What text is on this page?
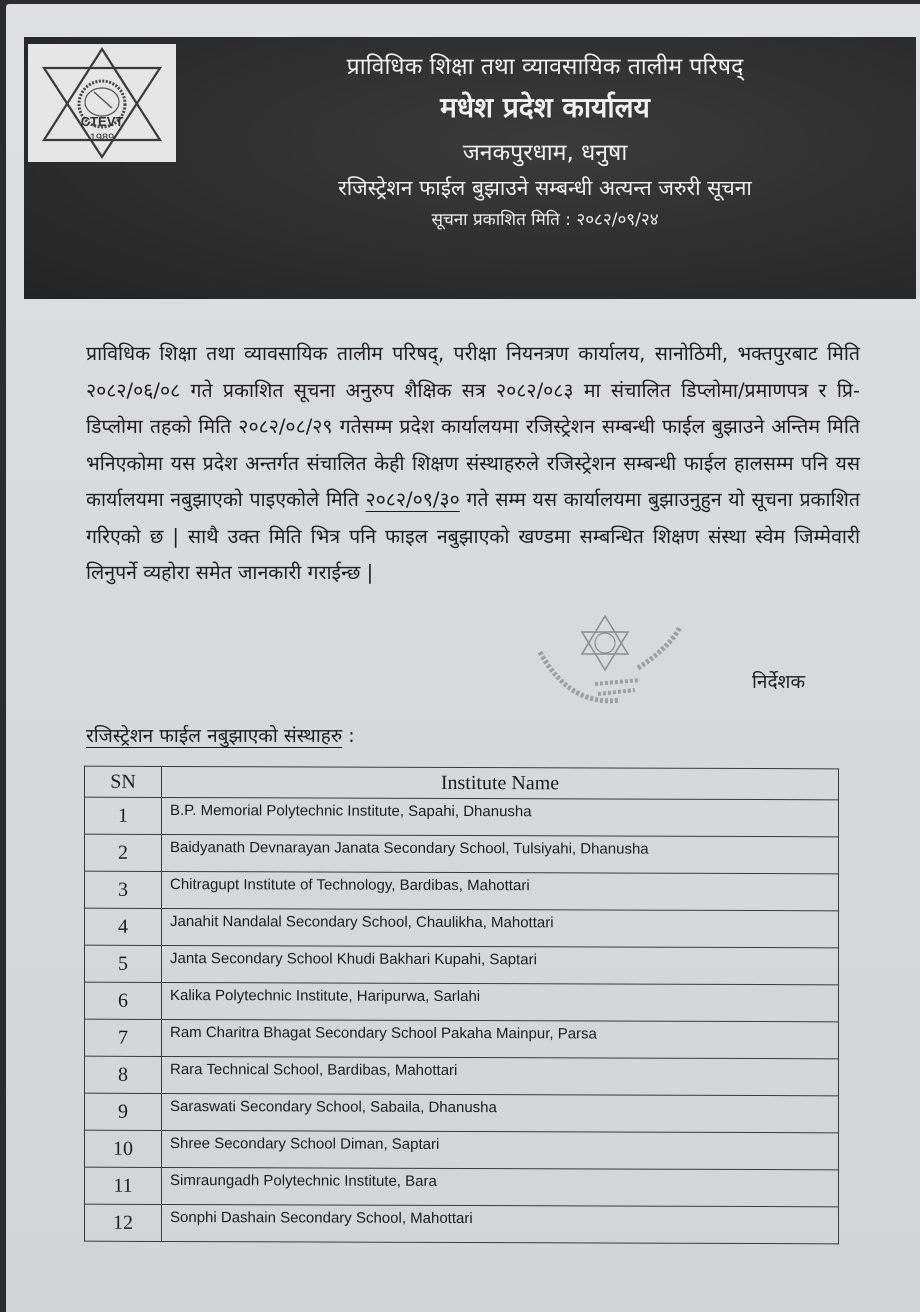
CTEVT
1989
प्राविधिक शिक्षा तथा व्यावसायिक तालीम परिषद्
मधेश प्रदेश कार्यालय
जनकपुरधाम, धनुषा
रजिस्ट्रेशन फाईल बुझाउने सम्बन्धी अत्यन्त जरुरी सूचना
सूचना प्रकाशित मिति : २०८२/०९/२४
प्राविधिक शिक्षा तथा व्यावसायिक तालीम परिषद्, परीक्षा नियनत्रण कार्यालय, सानोठिमी, भक्तपुरबाट मिति २०८२/०६/०८ गते प्रकाशित सूचना अनुरुप शैक्षिक सत्र २०८२/०८३ मा संचालित डिप्लोमा/प्रमाणपत्र र प्रि-डिप्लोमा तहको मिति २०८२/०८/२९ गतेसम्म प्रदेश कार्यालयमा रजिस्ट्रेशन सम्बन्धी फाईल बुझाउने अन्तिम मिति भनिएकोमा यस प्रदेश अन्तर्गत संचालित केही शिक्षण संस्थाहरुले रजिस्ट्रेशन सम्बन्धी फाईल हालसम्म पनि यस कार्यालयमा नबुझाएको पाइएकोले मिति २०८२/०९/३० गते सम्म यस कार्यालयमा बुझाउनुहुन यो सूचना प्रकाशित गरिएको छ | साथै उक्त मिति भित्र पनि फाइल नबुझाएको खण्डमा सम्बन्धित शिक्षण संस्था स्वेम जिम्मेवारी लिनुपर्ने व्यहोरा समेत जानकारी गराईन्छ |
निर्देशक
रजिस्ट्रेशन फाईल नबुझाएको संस्थाहरु :
SN	Institute Name
1	B.P. Memorial Polytechnic Institute, Sapahi, Dhanusha
2	Baidyanath Devnarayan Janata Secondary School, Tulsiyahi, Dhanusha
3	Chitragupt Institute of Technology, Bardibas, Mahottari
4	Janahit Nandalal Secondary School, Chaulikha, Mahottari
5	Janta Secondary School Khudi Bakhari Kupahi, Saptari
6	Kalika Polytechnic Institute, Haripurwa, Sarlahi
7	Ram Charitra Bhagat Secondary School Pakaha Mainpur, Parsa
8	Rara Technical School, Bardibas, Mahottari
9	Saraswati Secondary School, Sabaila, Dhanusha
10	Shree Secondary School Diman, Saptari
11	Simraungadh Polytechnic Institute, Bara
12	Sonphi Dashain Secondary School, Mahottari
